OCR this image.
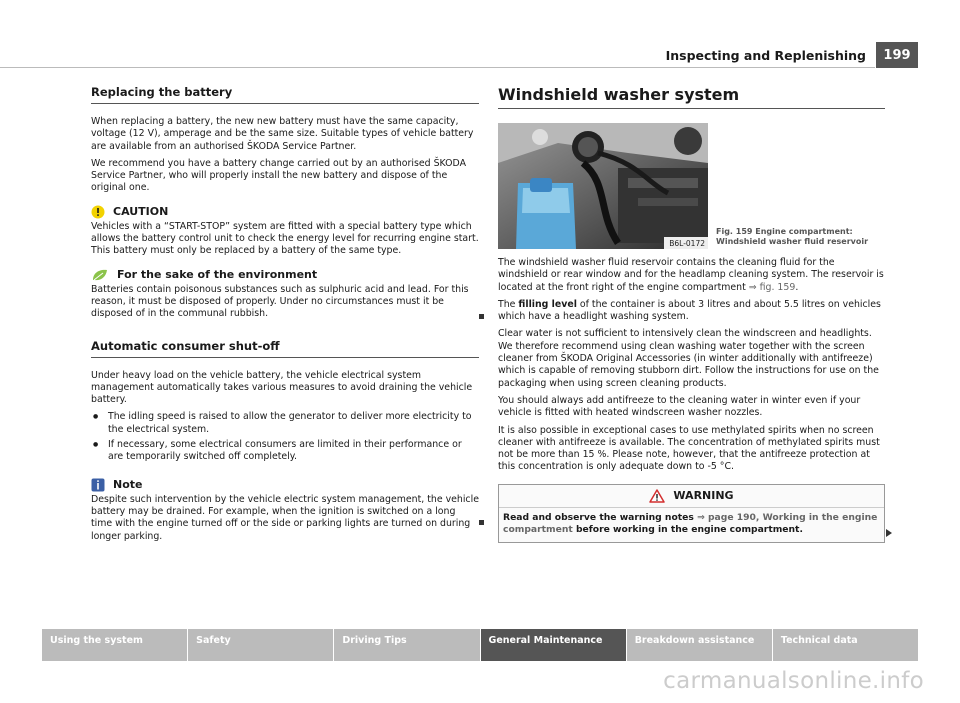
Inspecting and Replenishing	199
Replacing the battery

When replacing a battery, the new new battery must have the same capacity, voltage (12 V), amperage and be the same size. Suitable types of vehicle battery are available from an authorised ŠKODA Service Partner.

We recommend you have a battery change carried out by an authorised ŠKODA Service Partner, who will properly install the new battery and dispose of the original one.

CAUTION

Vehicles with a “START-STOP” system are fitted with a special battery type which allows the battery control unit to check the energy level for recurring engine start. This battery must only be replaced by a battery of the same type.

For the sake of the environment

Batteries contain poisonous substances such as sulphuric acid and lead. For this reason, it must be disposed of properly. Under no circumstances must it be disposed of in the communal rubbish.

Automatic consumer shut-off

Under heavy load on the vehicle battery, the vehicle electrical system management automatically takes various measures to avoid draining the vehicle battery.

● The idling speed is raised to allow the generator to deliver more electricity to the electrical system.
● If necessary, some electrical consumers are limited in their performance or are temporarily switched off completely.
Note

Despite such intervention by the vehicle electric system management, the vehicle battery may be drained. For example, when the ignition is switched on a long time with the engine turned off or the side or parking lights are turned on during longer parking.

Windshield washer system
B6L-0172
Fig. 159 Engine compartment: Windshield washer fluid reservoir

The windshield washer fluid reservoir contains the cleaning fluid for the windshield or rear window and for the headlamp cleaning system. The reservoir is located at the front right of the engine compartment ⇒ fig. 159.

The filling level of the container is about 3 litres and about 5.5 litres on vehicles which have a headlight washing system.

Clear water is not sufficient to intensively clean the windscreen and headlights. We therefore recommend using clean washing water together with the screen cleaner from ŠKODA Original Accessories (in winter additionally with antifreeze) which is capable of removing stubborn dirt. Follow the instructions for use on the packaging when using screen cleaning products.

You should always add antifreeze to the cleaning water in winter even if your vehicle is fitted with heated windscreen washer nozzles.

It is also possible in exceptional cases to use methylated spirits when no screen cleaner with antifreeze is available. The concentration of methylated spirits must not be more than 15 %. Please note, however, that the antifreeze protection at this concentration is only adequate down to -5 °C.

WARNING
Read and observe the warning notes ⇒ page 190, Working in the engine compartment before working in the engine compartment.
Using the system	Safety	Driving Tips	General Maintenance	Breakdown assistance	Technical data
carmanualsonline.info
